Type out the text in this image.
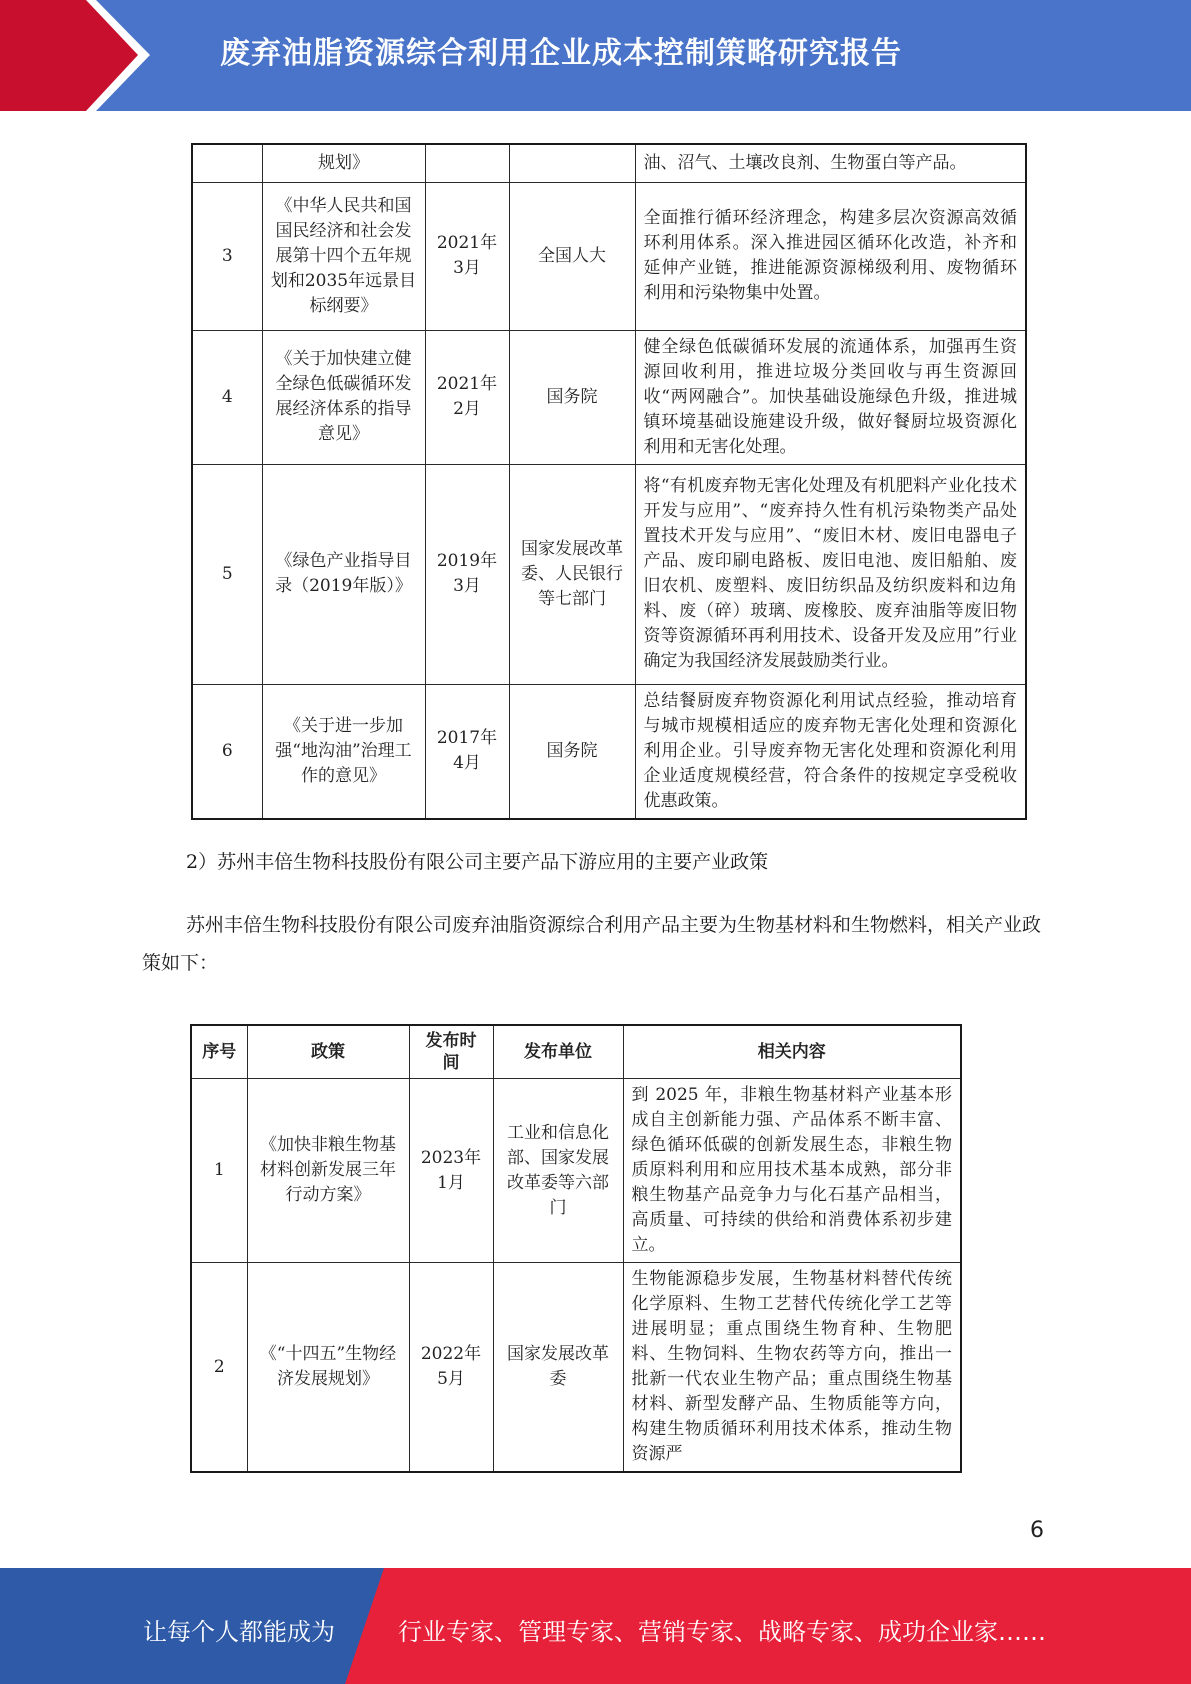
废弃油脂资源综合利用企业成本控制策略研究报告
	规划》			油、沼气、土壤改良剂、生物蛋白等产品。
3	《中华人民共和国国民经济和社会发展第十四个五年规划和2035年远景目标纲要》	2021年3月	全国人大	全面推行循环经济理念，构建多层次资源高效循环利用体系。深入推进园区循环化改造，补齐和延伸产业链，推进能源资源梯级利用、废物循环利用和污染物集中处置。
4	《关于加快建立健全绿色低碳循环发展经济体系的指导意见》	2021年2月	国务院	健全绿色低碳循环发展的流通体系，加强再生资源回收利用，推进垃圾分类回收与再生资源回收“两网融合”。加快基础设施绿色升级，推进城镇环境基础设施建设升级，做好餐厨垃圾资源化利用和无害化处理。
5	《绿色产业指导目录（2019年版）》	2019年3月	国家发展改革委、人民银行等七部门	将“有机废弃物无害化处理及有机肥料产业化技术开发与应用”、“废弃持久性有机污染物类产品处置技术开发与应用”、“废旧木材、废旧电器电子产品、废印刷电路板、废旧电池、废旧船舶、废旧农机、废塑料、废旧纺织品及纺织废料和边角料、废（碎）玻璃、废橡胶、废弃油脂等废旧物资等资源循环再利用技术、设备开发及应用”行业确定为我国经济发展鼓励类行业。
6	《关于进一步加强“地沟油”治理工作的意见》	2017年4月	国务院	总结餐厨废弃物资源化利用试点经验，推动培育与城市规模相适应的废弃物无害化处理和资源化利用企业。引导废弃物无害化处理和资源化利用企业适度规模经营，符合条件的按规定享受税收优惠政策。
2）苏州丰倍生物科技股份有限公司主要产品下游应用的主要产业政策
苏州丰倍生物科技股份有限公司废弃油脂资源综合利用产品主要为生物基材料和生物燃料，相关产业政策如下：
序号	政策	发布时间	发布单位	相关内容
1	《加快非粮生物基材料创新发展三年行动方案》	2023年1月	工业和信息化部、国家发展改革委等六部门	到 2025 年，非粮生物基材料产业基本形成自主创新能力强、产品体系不断丰富、绿色循环低碳的创新发展生态，非粮生物质原料利用和应用技术基本成熟，部分非粮生物基产品竞争力与化石基产品相当，高质量、可持续的供给和消费体系初步建立。
2	《“十四五”生物经济发展规划》	2022年5月	国家发展改革委	生物能源稳步发展，生物基材料替代传统化学原料、生物工艺替代传统化学工艺等进展明显；重点围绕生物育种、生物肥料、生物饲料、生物农药等方向，推出一批新一代农业生物产品；重点围绕生物基材料、新型发酵产品、生物质能等方向，构建生物质循环利用技术体系，推动生物资源严
6
让每个人都能成为	行业专家、管理专家、营销专家、战略专家、成功企业家……
